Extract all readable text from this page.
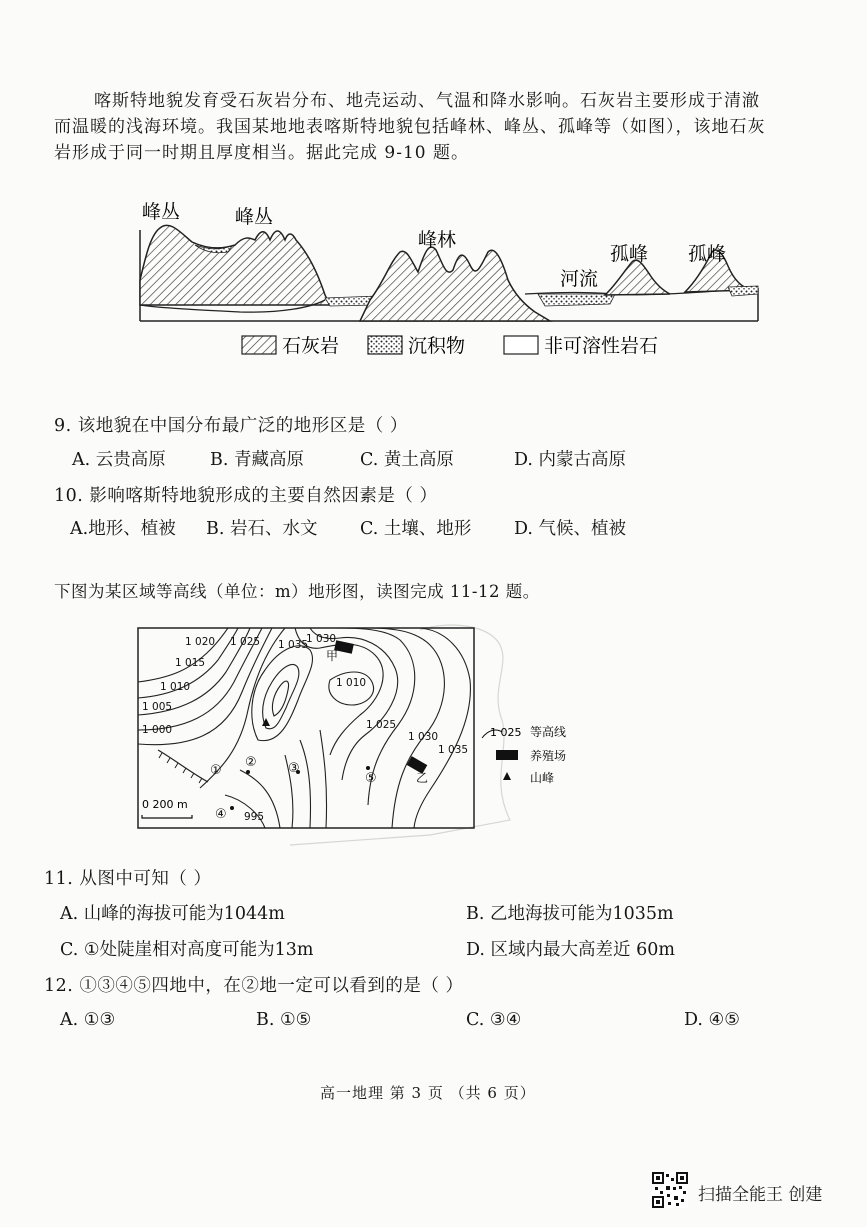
喀斯特地貌发育受石灰岩分布、地壳运动、气温和降水影响。石灰岩主要形成于清澈

而温暖的浅海环境。我国某地地表喀斯特地貌包括峰林、峰丛、孤峰等（如图），该地石灰

岩形成于同一时期且厚度相当。据此完成 9-10 题。

峰丛	峰丛
峰林
河流
孤峰 孤峰
石灰岩	沉积物	非可溶性岩石
9. 该地貌在中国分布最广泛的地形区是（ ）
A. 云贵高原	B. 青藏高原	C. 黄土高原	D. 内蒙古高原
10. 影响喀斯特地貌形成的主要自然因素是（ ）
A.地形、植被 B. 岩石、水文 C. 土壤、地形 D. 气候、植被
下图为某区域等高线（单位：m）地形图，读图完成 11-12 题。
1 020 1 025 1 035
1 030
1 015
1 010	1 010
1 005
1 000	1 025
1 030
1 035
995
①
② ③
④
⑤
甲
乙
0 200 m
1 025 等高线
养殖场
山峰
11. 从图中可知（ ）
A. 山峰的海拔可能为1044m	B. 乙地海拔可能为1035m
C. ①处陡崖相对高度可能为13m	D. 区域内最大高差近 60m
12. ①③④⑤四地中，在②地一定可以看到的是（ ）
A. ①③	B. ①⑤	C. ③④	D. ④⑤
高一地理 第 3 页 （共 6 页）
扫描全能王 创建
